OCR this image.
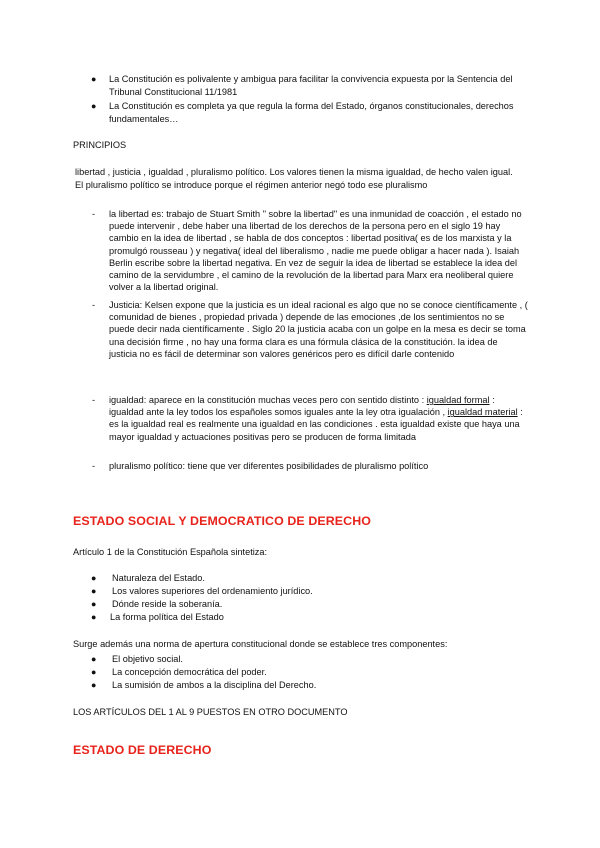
● La Constitución es polivalente y ambigua para facilitar la convivencia expuesta por la Sentencia del Tribunal Constitucional 11/1981

● La Constitución es completa ya que regula la forma del Estado, órganos constitucionales, derechos fundamentales…

PRINCIPIOS

libertad , justicia , igualdad , pluralismo político. Los valores tienen la misma igualdad, de hecho valen igual. El pluralismo político se introduce porque el régimen anterior negó todo ese pluralismo

- la libertad es: trabajo de Stuart Smith " sobre la libertad" es una inmunidad de coacción , el estado no puede intervenir , debe haber una libertad de los derechos de la persona pero en el siglo 19 hay cambio en la idea de libertad , se habla de dos conceptos : libertad positiva( es de los marxista y la promulgó rousseau ) y negativa( ideal del liberalismo , nadie me puede obligar a hacer nada ). Isaiah Berlin escribe sobre la libertad negativa. En vez de seguir la idea de libertad se establece la idea del camino de la servidumbre , el camino de la revolución de la libertad para Marx era neoliberal quiere volver a la libertad original.

- Justicia: Kelsen expone que la justicia es un ideal racional es algo que no se conoce científicamente , ( comunidad de bienes , propiedad privada ) depende de las emociones ,de los sentimientos no se puede decir nada científicamente . Siglo 20 la justicia acaba con un golpe en la mesa es decir se toma una decisión firme , no hay una forma clara es una fórmula clásica de la constitución. la idea de justicia no es fácil de determinar son valores genéricos pero es difícil darle contenido

- igualdad: aparece en la constitución muchas veces pero con sentido distinto : igualdad formal : igualdad ante la ley todos los españoles somos iguales ante la ley otra igualación , igualdad material : es la igualdad real es realmente una igualdad en las condiciones . esta igualdad existe que haya una mayor igualdad y actuaciones positivas pero se producen de forma limitada

- pluralismo político: tiene que ver diferentes posibilidades de pluralismo político

ESTADO SOCIAL Y DEMOCRATICO DE DERECHO

Artículo 1 de la Constitución Española sintetiza:

● Naturaleza del Estado.

● Los valores superiores del ordenamiento jurídico.

● Dónde reside la soberanía.

● La forma política del Estado

Surge además una norma de apertura constitucional donde se establece tres componentes:

● El objetivo social.

● La concepción democrática del poder.

● La sumisión de ambos a la disciplina del Derecho.

LOS ARTÍCULOS DEL 1 AL 9 PUESTOS EN OTRO DOCUMENTO

ESTADO DE DERECHO
